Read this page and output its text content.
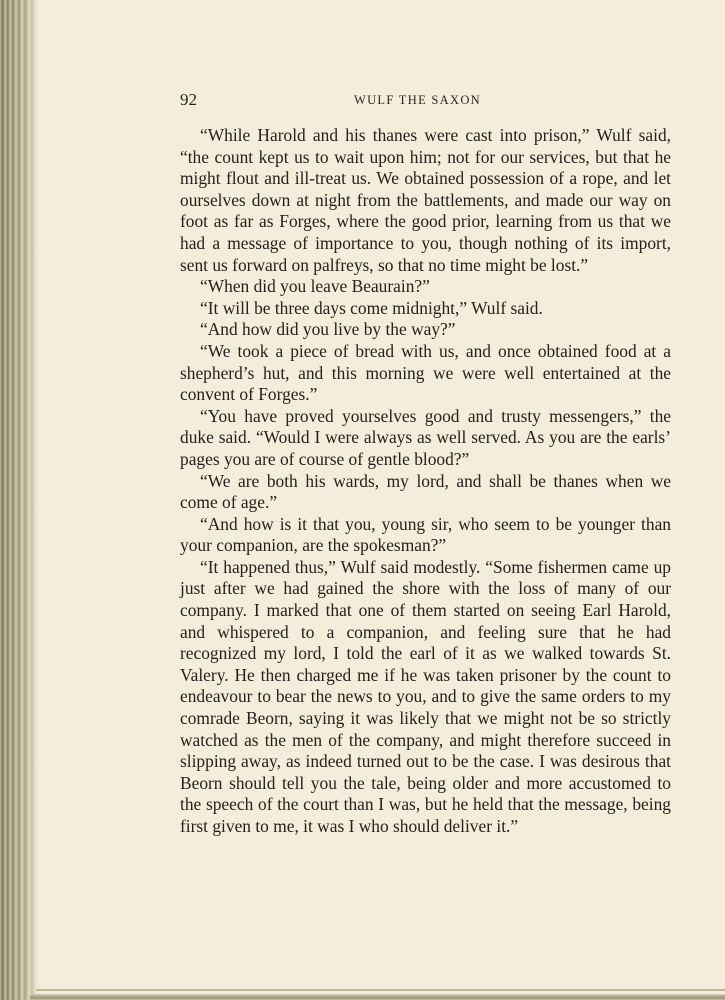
92	WULF THE SAXON

“While Harold and his thanes were cast into prison,” Wulf said, “the count kept us to wait upon him; not for our services, but that he might flout and ill-treat us. We obtained possession of a rope, and let ourselves down at night from the battlements, and made our way on foot as far as Forges, where the good prior, learning from us that we had a message of importance to you, though nothing of its import, sent us forward on palfreys, so that no time might be lost.”

“When did you leave Beaurain?”

“It will be three days come midnight,” Wulf said.

“And how did you live by the way?”

“We took a piece of bread with us, and once obtained food at a shepherd’s hut, and this morning we were well entertained at the convent of Forges.”

“You have proved yourselves good and trusty messengers,” the duke said. “Would I were always as well served. As you are the earls’ pages you are of course of gentle blood?”

“We are both his wards, my lord, and shall be thanes when we come of age.”

“And how is it that you, young sir, who seem to be younger than your companion, are the spokesman?”

“It happened thus,” Wulf said modestly. “Some fishermen came up just after we had gained the shore with the loss of many of our company. I marked that one of them started on seeing Earl Harold, and whispered to a companion, and feeling sure that he had recognized my lord, I told the earl of it as we walked towards St. Valery. He then charged me if he was taken prisoner by the count to endeavour to bear the news to you, and to give the same orders to my comrade Beorn, saying it was likely that we might not be so strictly watched as the men of the company, and might therefore succeed in slipping away, as indeed turned out to be the case. I was desirous that Beorn should tell you the tale, being older and more accustomed to the speech of the court than I was, but he held that the message, being first given to me, it was I who should deliver it.”
